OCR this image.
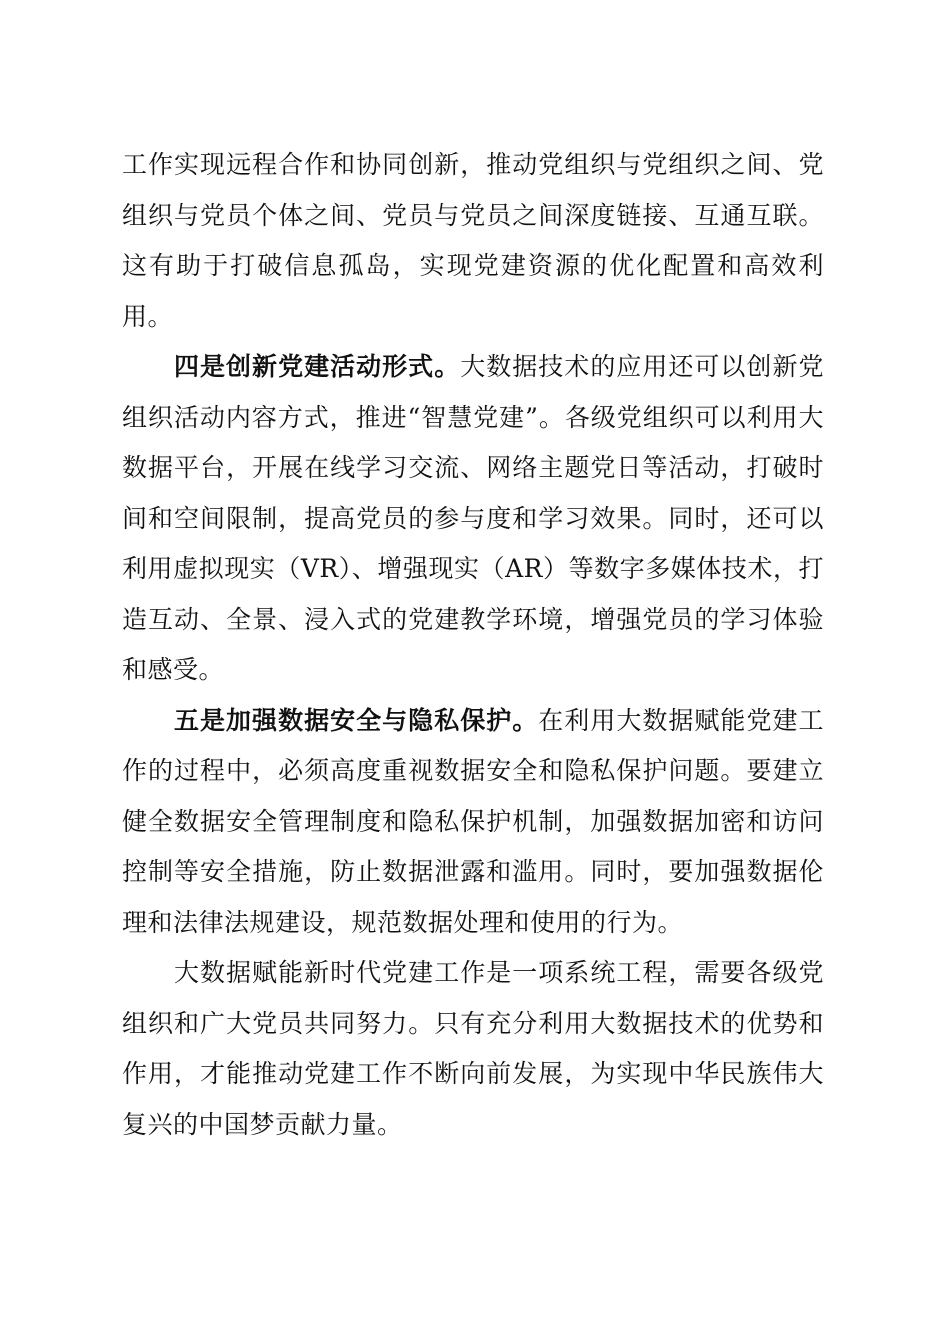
工作实现远程合作和协同创新，推动党组织与党组织之间、党组织与党员个体之间、党员与党员之间深度链接、互通互联。这有助于打破信息孤岛，实现党建资源的优化配置和高效利用。

四是创新党建活动形式。大数据技术的应用还可以创新党组织活动内容方式，推进“智慧党建”。各级党组织可以利用大数据平台，开展在线学习交流、网络主题党日等活动，打破时间和空间限制，提高党员的参与度和学习效果。同时，还可以利用虚拟现实（VR）、增强现实（AR）等数字多媒体技术，打造互动、全景、浸入式的党建教学环境，增强党员的学习体验和感受。

五是加强数据安全与隐私保护。在利用大数据赋能党建工作的过程中，必须高度重视数据安全和隐私保护问题。要建立健全数据安全管理制度和隐私保护机制，加强数据加密和访问控制等安全措施，防止数据泄露和滥用。同时，要加强数据伦理和法律法规建设，规范数据处理和使用的行为。

大数据赋能新时代党建工作是一项系统工程，需要各级党组织和广大党员共同努力。只有充分利用大数据技术的优势和作用，才能推动党建工作不断向前发展，为实现中华民族伟大复兴的中国梦贡献力量。
